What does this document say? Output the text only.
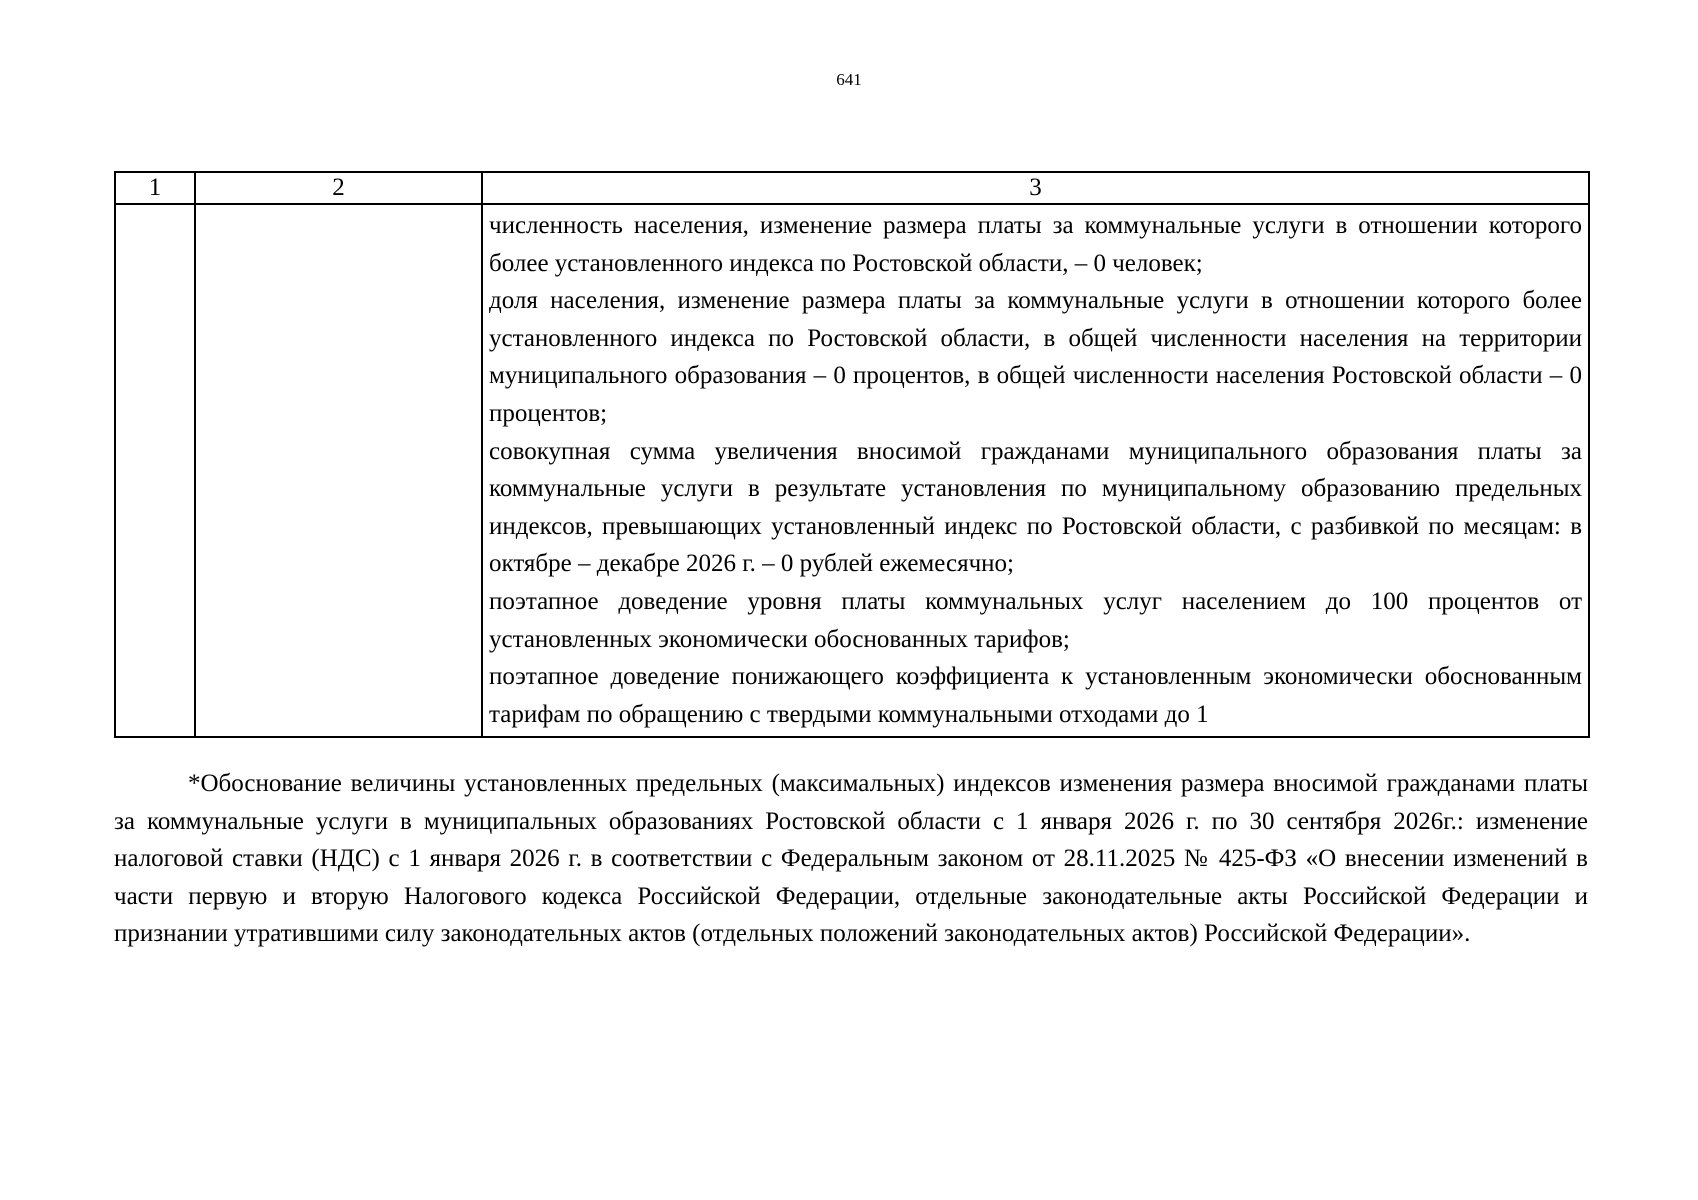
641
1	2	3

		численность населения, изменение размера платы за коммунальные услуги в отношении которого более установленного индекса по Ростовской области, – 0 человек;

доля населения, изменение размера платы за коммунальные услуги в отношении которого более установленного индекса по Ростовской области, в общей численности населения на территории муниципального образования – 0 процентов, в общей численности населения Ростовской области – 0 процентов;

совокупная сумма увеличения вносимой гражданами муниципального образования платы за коммунальные услуги в результате установления по муниципальному образованию предельных индексов, превышающих установленный индекс по Ростовской области, с разбивкой по месяцам: в октябре – декабре 2026 г. – 0 рублей ежемесячно;

поэтапное доведение уровня платы коммунальных услуг населением до 100 процентов от установленных экономически обоснованных тарифов;

поэтапное доведение понижающего коэффициента к установленным экономически обоснованным тарифам по обращению с твердыми коммунальными отходами до 1

*Обоснование величины установленных предельных (максимальных) индексов изменения размера вносимой гражданами платы за коммунальные услуги в муниципальных образованиях Ростовской области с 1 января 2026 г. по 30 сентября 2026г.: изменение налоговой ставки (НДС) с 1 января 2026 г. в соответствии с Федеральным законом от 28.11.2025 № 425-ФЗ «О внесении изменений в части первую и вторую Налогового кодекса Российской Федерации, отдельные законодательные акты Российской Федерации и признании утратившими силу законодательных актов (отдельных положений законодательных актов) Российской Федерации».
